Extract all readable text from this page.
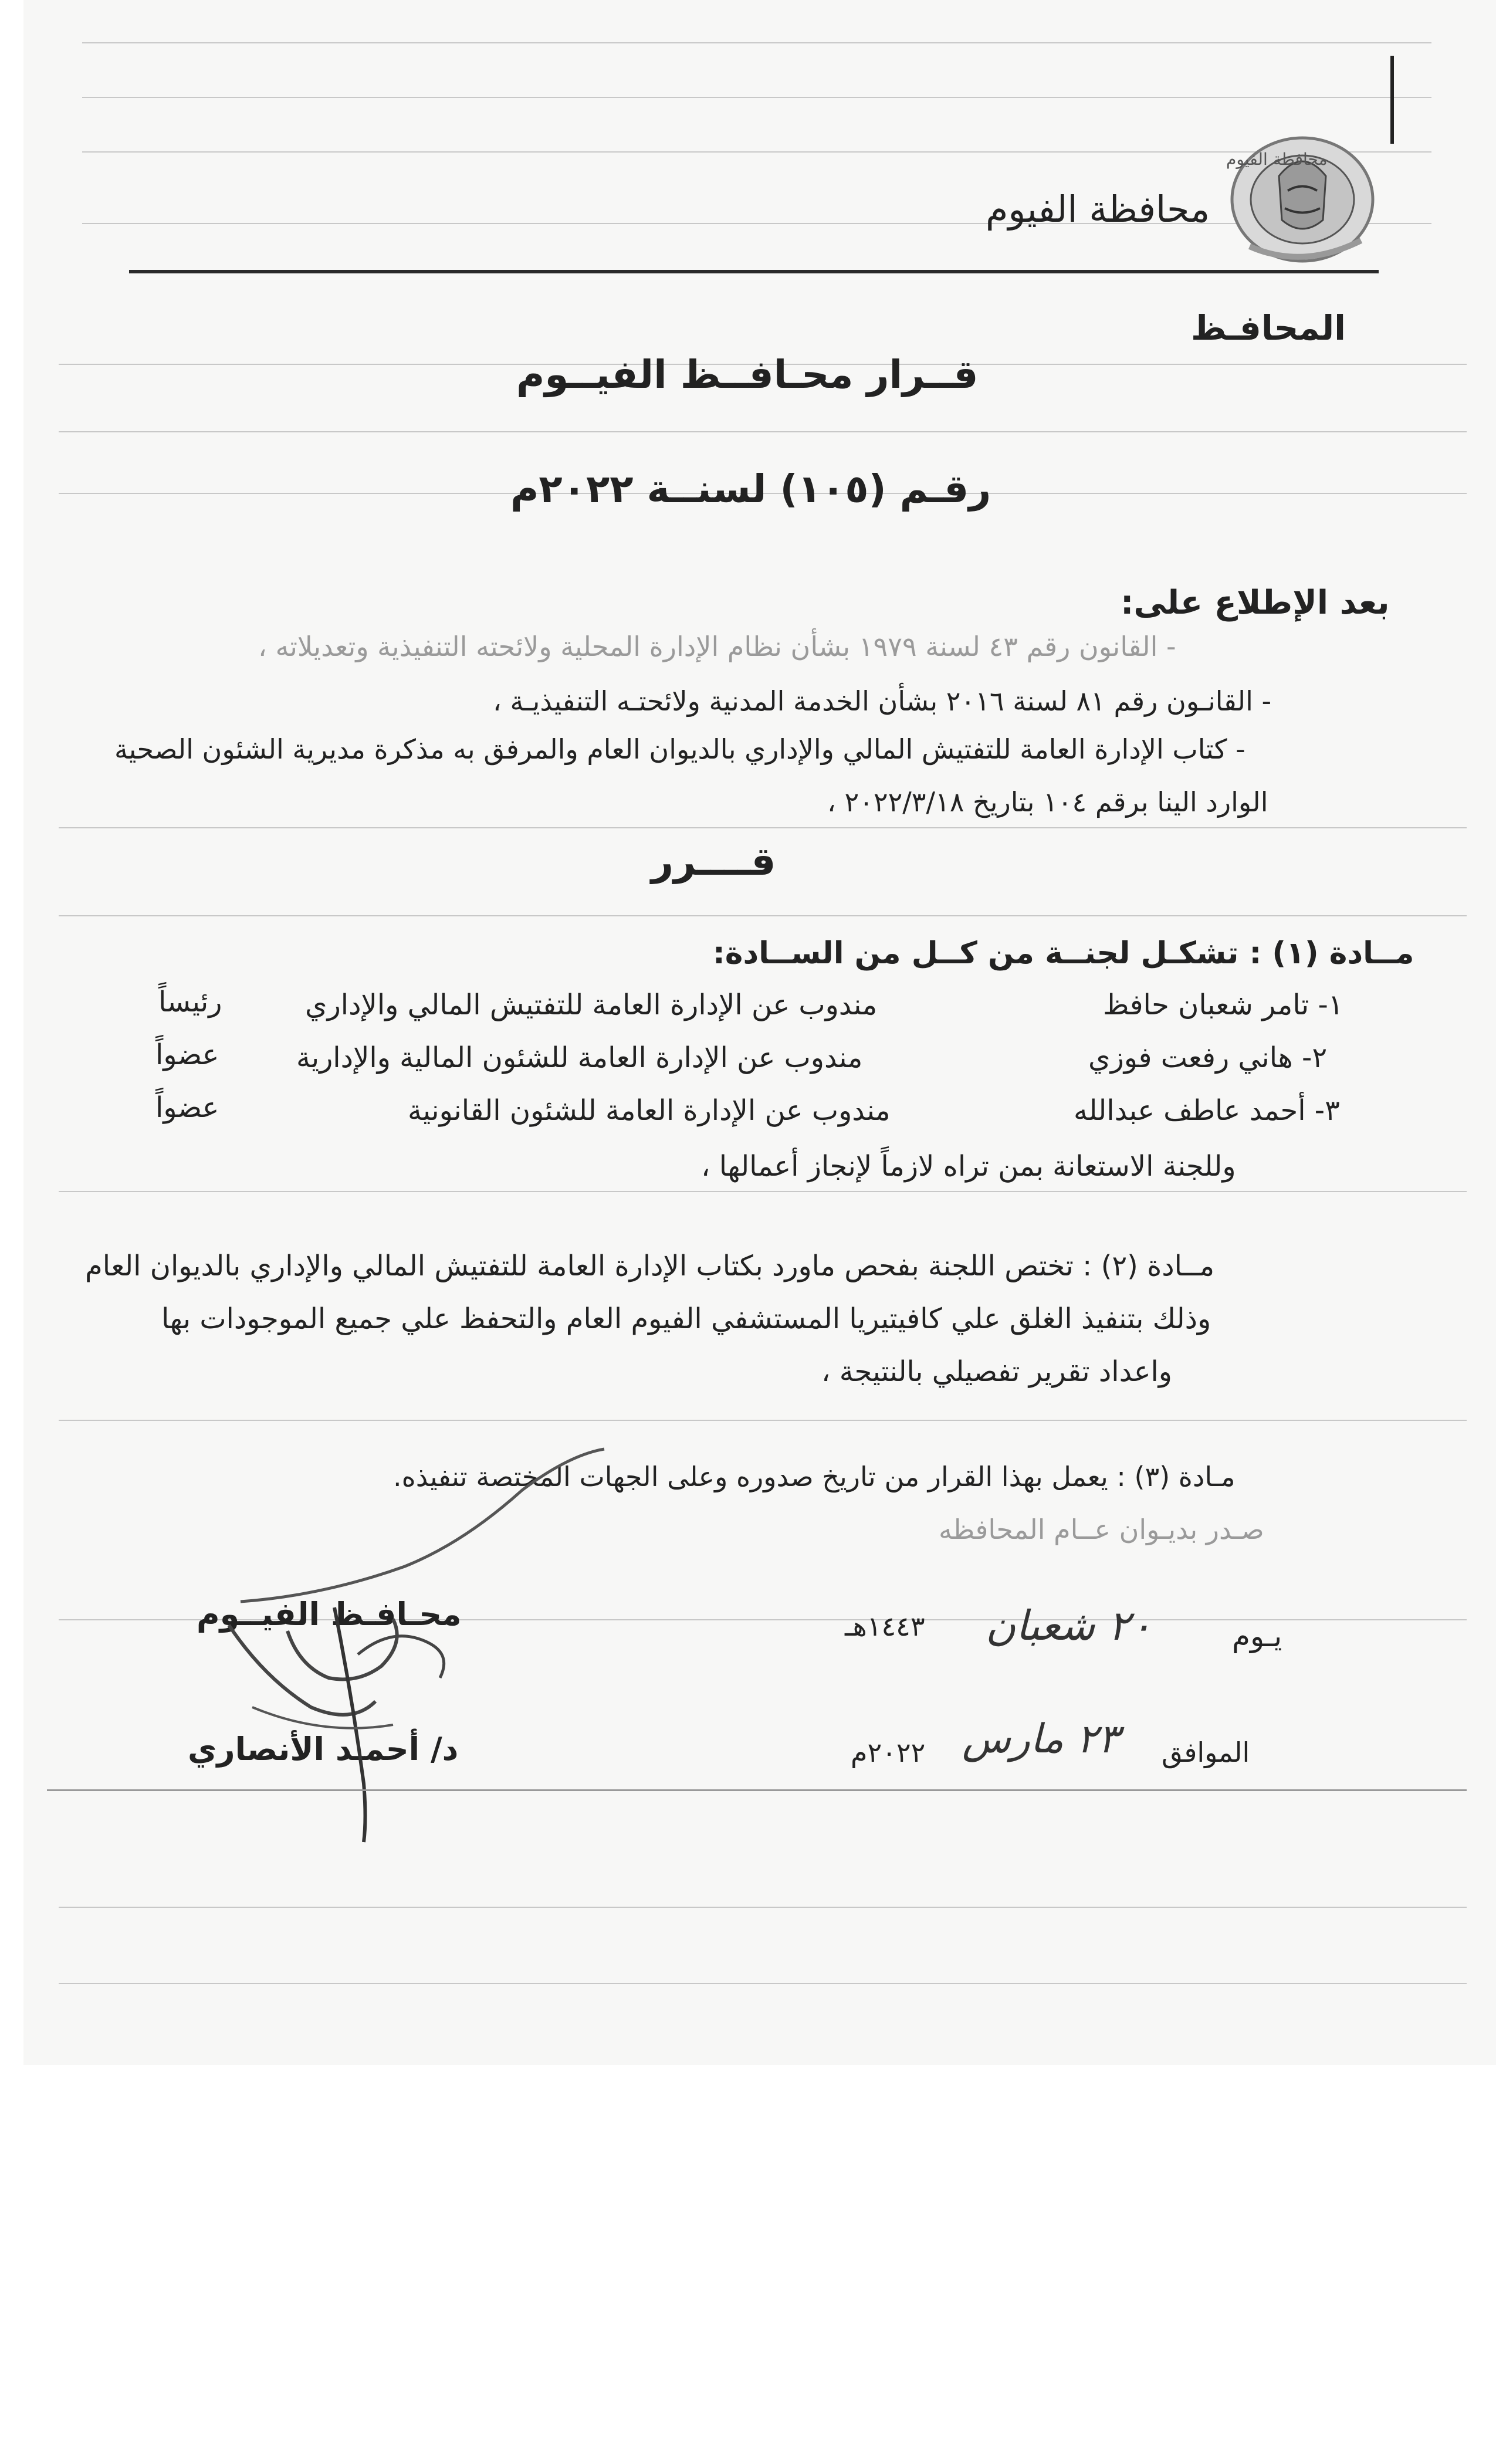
محافظة الفيوم
محافظة الفيوم
المحافـظ
قــرار محـافــظ الفيــوم
رقـم (١٠٥) لسنــة ٢٠٢٢م
بعد الإطلاع على:
- القانون رقم ٤٣ لسنة ١٩٧٩ بشأن نظام الإدارة المحلية ولائحته التنفيذية وتعديلاته ،
- القانـون رقم ٨١ لسنة ٢٠١٦ بشأن الخدمة المدنية ولائحتـه التنفيذيـة ،
- كتاب الإدارة العامة للتفتيش المالي والإداري بالديوان العام والمرفق به مذكرة مديرية الشئون الصحية
الوارد الينا برقم ١٠٤ بتاريخ ٢٠٢٢/٣/١٨ ،
قــــرر
مــادة (١) : تشكـل لجنــة من كــل من الســادة:
١- تامر شعبان حافظ
مندوب عن الإدارة العامة للتفتيش المالي والإداري
رئيساً
٢- هاني رفعت فوزي
مندوب عن الإدارة العامة للشئون المالية والإدارية
عضواً
٣- أحمد عاطف عبدالله
مندوب عن الإدارة العامة للشئون القانونية
عضواً
وللجنة الاستعانة بمن تراه لازماً لإنجاز أعمالها ،
مــادة (٢) : تختص اللجنة بفحص ماورد بكتاب الإدارة العامة للتفتيش المالي والإداري بالديوان العام
وذلك بتنفيذ الغلق علي كافيتيريا المستشفي الفيوم العام والتحفظ علي جميع الموجودات بها
واعداد تقرير تفصيلي بالنتيجة ،
مـادة (٣) : يعمل بهذا القرار من تاريخ صدوره وعلى الجهات المختصة تنفيذه.
صـدر بديـوان عــام المحافظه
يـوم
٢٠ شعبان
١٤٤٣هـ
الموافق
٢٣ مارس
٢٠٢٢م
محـافـظ الفيــوم
د/ أحمـد الأنصاري
